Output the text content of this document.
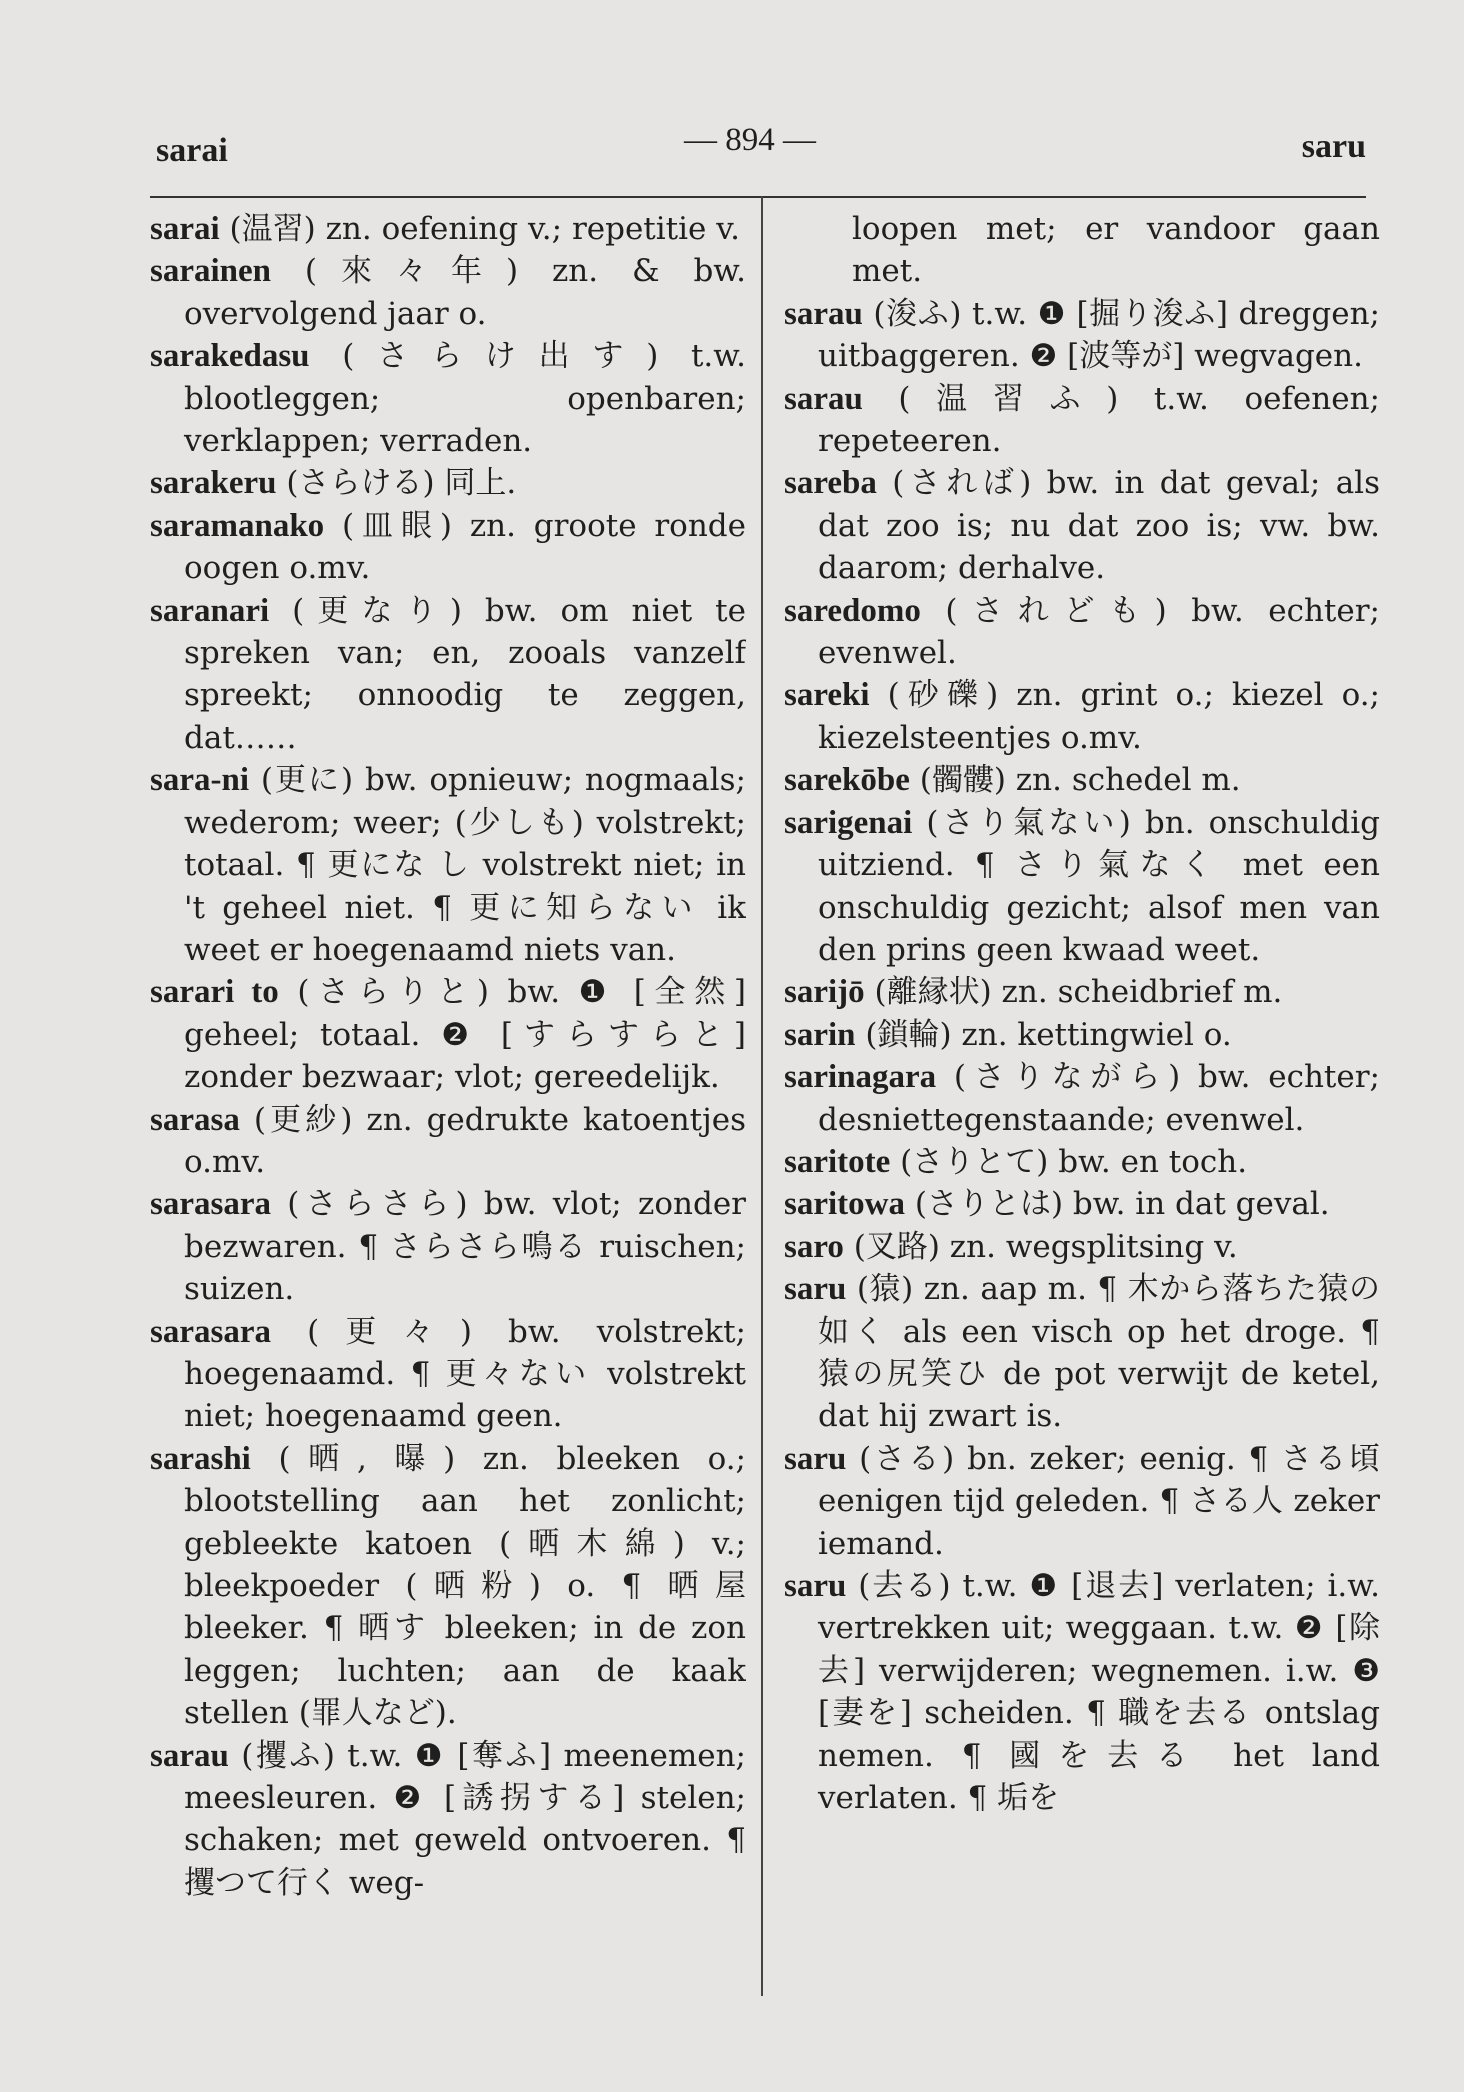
sarai	— 894 —	saru

sarai (温習) zn. oefening v.; repetitie v.

sarainen (來々年) zn. & bw. overvolgend jaar o.

sarakedasu (さらけ出す) t.w. blootleggen; openbaren; verklappen; verraden.

sarakeru (さらける) 同上.

saramanako (皿眼) zn. groote ronde oogen o.mv.

saranari (更なり) bw. om niet te spreken van; en, zooals vanzelf spreekt; onnoodig te zeggen, dat……

sara-ni (更に) bw. opnieuw; nogmaals; wederom; weer; (少しも) volstrekt; totaal. ¶ 更にな し volstrekt niet; in 't geheel niet. ¶ 更に知らない ik weet er hoegenaamd niets van.

sarari to (さらりと) bw. ❶ [全然] geheel; totaal. ❷ [すらすらと] zonder bezwaar; vlot; gereedelijk.

sarasa (更紗) zn. gedrukte katoentjes o.mv.

sarasara (さらさら) bw. vlot; zonder bezwaren. ¶ さらさら鳴る ruischen; suizen.

sarasara (更々) bw. volstrekt; hoegenaamd. ¶ 更々ない volstrekt niet; hoegenaamd geen.

sarashi (晒, 曝) zn. bleeken o.; blootstelling aan het zonlicht; gebleekte katoen (晒木綿) v.; bleekpoeder (晒粉) o. ¶ 晒屋 bleeker. ¶ 晒す bleeken; in de zon leggen; luchten; aan de kaak stellen (罪人など).

sarau (攫ふ) t.w. ❶ [奪ふ] meenemen; meesleuren. ❷ [誘拐する] stelen; schaken; met geweld ontvoeren. ¶ 攫つて行く weg-

loopen met; er vandoor gaan met.

sarau (浚ふ) t.w. ❶ [掘り浚ふ] dreggen; uitbaggeren. ❷ [波等が] wegvagen.

sarau (温習ふ) t.w. oefenen; repeteeren.

sareba (されば) bw. in dat geval; als dat zoo is; nu dat zoo is; vw. bw. daarom; derhalve.

saredomo (されども) bw. echter; evenwel.

sareki (砂礫) zn. grint o.; kiezel o.; kiezelsteentjes o.mv.

sarekōbe (髑髏) zn. schedel m.

sarigenai (さり氣ない) bn. onschuldig uitziend. ¶ さり氣なく met een onschuldig gezicht; alsof men van den prins geen kwaad weet.

sarijō (離縁状) zn. scheidbrief m.

sarin (鎖輪) zn. kettingwiel o.

sarinagara (さりながら) bw. echter; desniettegenstaande; evenwel.

saritote (さりとて) bw. en toch.

saritowa (さりとは) bw. in dat geval.

saro (叉路) zn. wegsplitsing v.

saru (猿) zn. aap m. ¶ 木から落ちた猿の如く als een visch op het droge. ¶ 猿の尻笑ひ de pot verwijt de ketel, dat hij zwart is.

saru (さる) bn. zeker; eenig. ¶ さる頃 eenigen tijd geleden. ¶ さる人 zeker iemand.

saru (去る) t.w. ❶ [退去] verlaten; i.w. vertrekken uit; weggaan. t.w. ❷ [除去] verwijderen; wegnemen. i.w. ❸ [妻を] scheiden. ¶ 職を去る ontslag nemen. ¶ 國を去る het land verlaten. ¶ 垢を
